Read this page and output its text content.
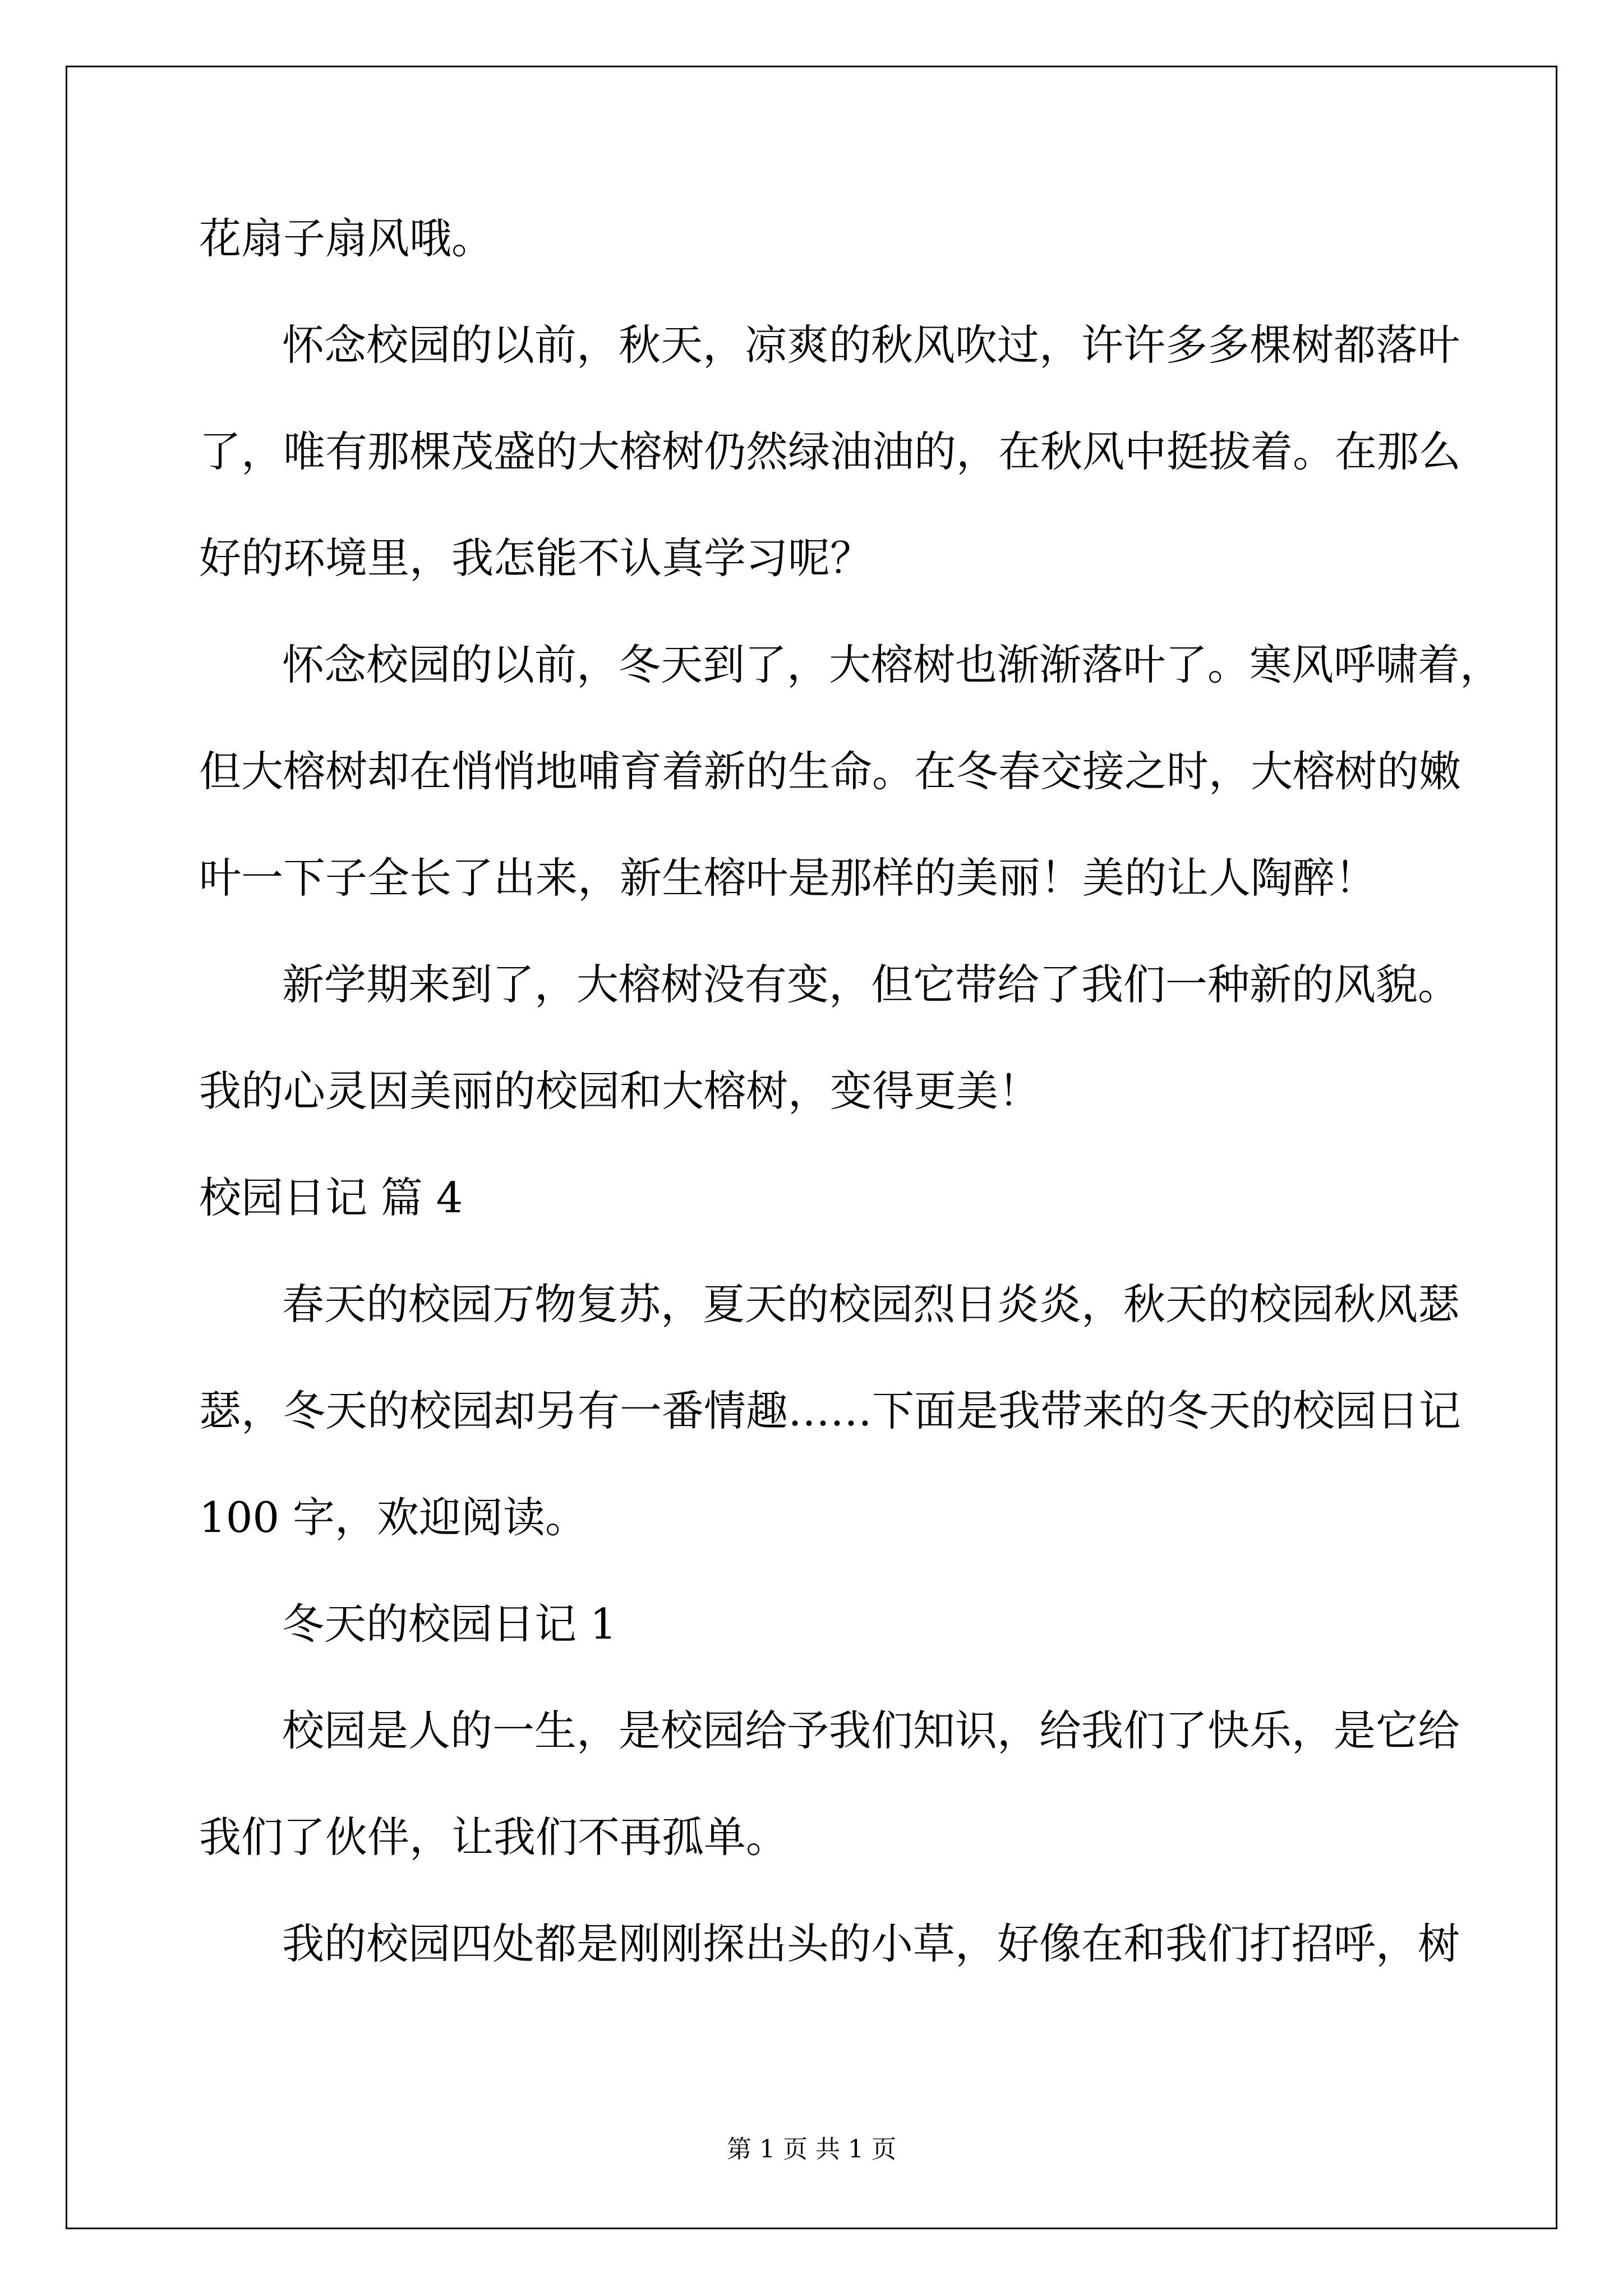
花扇子扇风哦。
怀念校园的以前，秋天，凉爽的秋风吹过，许许多多棵树都落叶
了，唯有那棵茂盛的大榕树仍然绿油油的，在秋风中挺拔着。在那么
好的环境里，我怎能不认真学习呢？
怀念校园的以前，冬天到了，大榕树也渐渐落叶了。寒风呼啸着，
但大榕树却在悄悄地哺育着新的生命。在冬春交接之时，大榕树的嫩
叶一下子全长了出来，新生榕叶是那样的美丽！美的让人陶醉！
新学期来到了，大榕树没有变，但它带给了我们一种新的风貌。
我的心灵因美丽的校园和大榕树，变得更美！
校园日记 篇 4
春天的校园万物复苏，夏天的校园烈日炎炎，秋天的校园秋风瑟
瑟，冬天的校园却另有一番情趣……下面是我带来的冬天的校园日记
100 字，欢迎阅读。
冬天的校园日记 1
校园是人的一生，是校园给予我们知识，给我们了快乐，是它给
我们了伙伴，让我们不再孤单。
我的校园四处都是刚刚探出头的小草，好像在和我们打招呼，树
第 1 页 共 1 页
